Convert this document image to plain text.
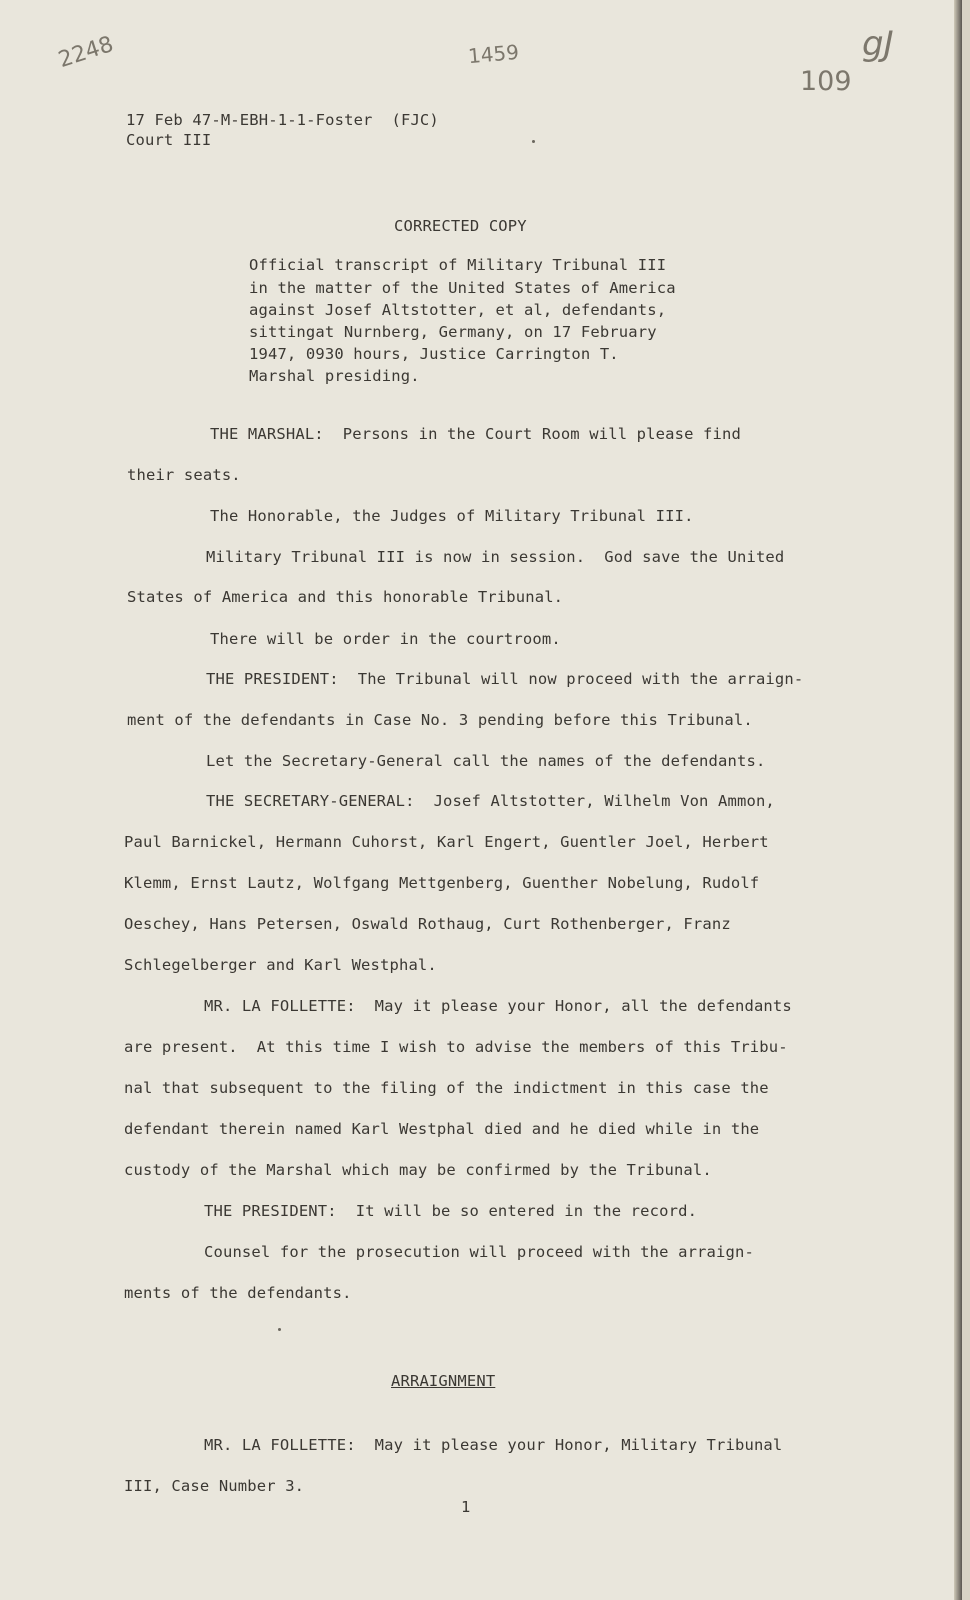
2248	1459
109
gJ
17 Feb 47-M-EBH-1-1-Foster  (FJC)
Court III
CORRECTED COPY
Official transcript of Military Tribunal III
in the matter of the United States of America
against Josef Altstotter, et al, defendants,
sittingat Nurnberg, Germany, on 17 February
1947, 0930 hours, Justice Carrington T.
Marshal presiding.
THE MARSHAL:  Persons in the Court Room will please find
their seats.
The Honorable, the Judges of Military Tribunal III.
Military Tribunal III is now in session.  God save the United
States of America and this honorable Tribunal.
There will be order in the courtroom.
THE PRESIDENT:  The Tribunal will now proceed with the arraign-
ment of the defendants in Case No. 3 pending before this Tribunal.
Let the Secretary-General call the names of the defendants.
THE SECRETARY-GENERAL:  Josef Altstotter, Wilhelm Von Ammon,
Paul Barnickel, Hermann Cuhorst, Karl Engert, Guentler Joel, Herbert
Klemm, Ernst Lautz, Wolfgang Mettgenberg, Guenther Nobelung, Rudolf
Oeschey, Hans Petersen, Oswald Rothaug, Curt Rothenberger, Franz
Schlegelberger and Karl Westphal.
MR. LA FOLLETTE:  May it please your Honor, all the defendants
are present.  At this time I wish to advise the members of this Tribu-
nal that subsequent to the filing of the indictment in this case the
defendant therein named Karl Westphal died and he died while in the
custody of the Marshal which may be confirmed by the Tribunal.
THE PRESIDENT:  It will be so entered in the record.
Counsel for the prosecution will proceed with the arraign-
ments of the defendants.
ARRAIGNMENT
MR. LA FOLLETTE:  May it please your Honor, Military Tribunal
III, Case Number 3.
1
